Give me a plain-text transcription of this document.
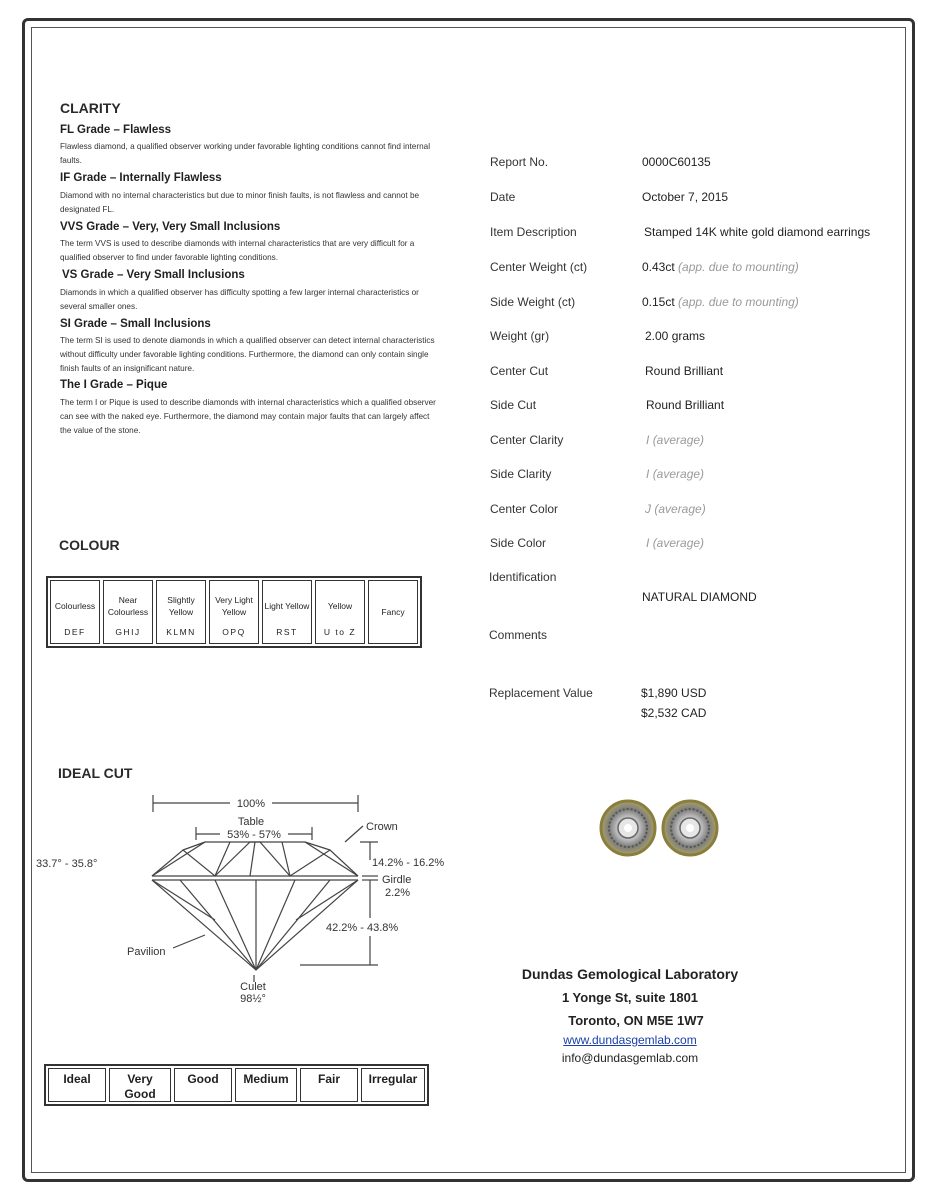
CLARITY
FL Grade – Flawless
Flawless diamond, a qualified observer working under favorable lighting conditions cannot find internal faults.
IF Grade – Internally Flawless
Diamond with no internal characteristics but due to minor finish faults, is not flawless and cannot be designated FL.
VVS Grade – Very, Very Small Inclusions
The term VVS is used to describe diamonds with internal characteristics that are very difficult for a qualified observer to find under favorable lighting conditions.
VS Grade – Very Small Inclusions
Diamonds in which a qualified observer has difficulty spotting a few larger internal characteristics or several smaller ones.
SI Grade – Small Inclusions
The term SI is used to denote diamonds in which a qualified observer can detect internal characteristics without difficulty under favorable lighting conditions. Furthermore, the diamond can only contain single finish faults of an insignificant nature.
The I Grade – Pique
The term I or Pique is used to describe diamonds with internal characteristics which a qualified observer can see with the naked eye. Furthermore, the diamond may contain major faults that can largely affect the value of the stone.
COLOUR
Colourless
DEF
Near Colourless
GHIJ
Slightly Yellow
KLMN
Very Light Yellow
OPQ
Light Yellow
RST
Yellow
U to Z
Fancy
IDEAL CUT
100%
Table
53% - 57%
Crown
33.7° - 35.8°	14.2% - 16.2%
Girdle
2.2%
42.2% - 43.8%
Pavilion
Culet
98½°
Ideal	Very Good
Good	Medium	Fair	Irregular
Report No.	0000C60135
Date	October 7, 2015
Item Description	Stamped 14K white gold diamond earrings
Center Weight (ct)	0.43ct (app. due to mounting)
Side Weight (ct)	0.15ct (app. due to mounting)
Weight (gr)	2.00 grams
Center Cut	Round Brilliant
Side Cut	Round Brilliant
Center Clarity	I (average)
Side Clarity	I (average)
Center Color	J (average)
Side Color	I (average)
Identification
NATURAL DIAMOND
Comments
Replacement Value	$1,890 USD
$2,532 CAD
Dundas Gemological Laboratory
1 Yonge St, suite 1801
Toronto, ON M5E 1W7
www.dundasgemlab.com
info@dundasgemlab.com
